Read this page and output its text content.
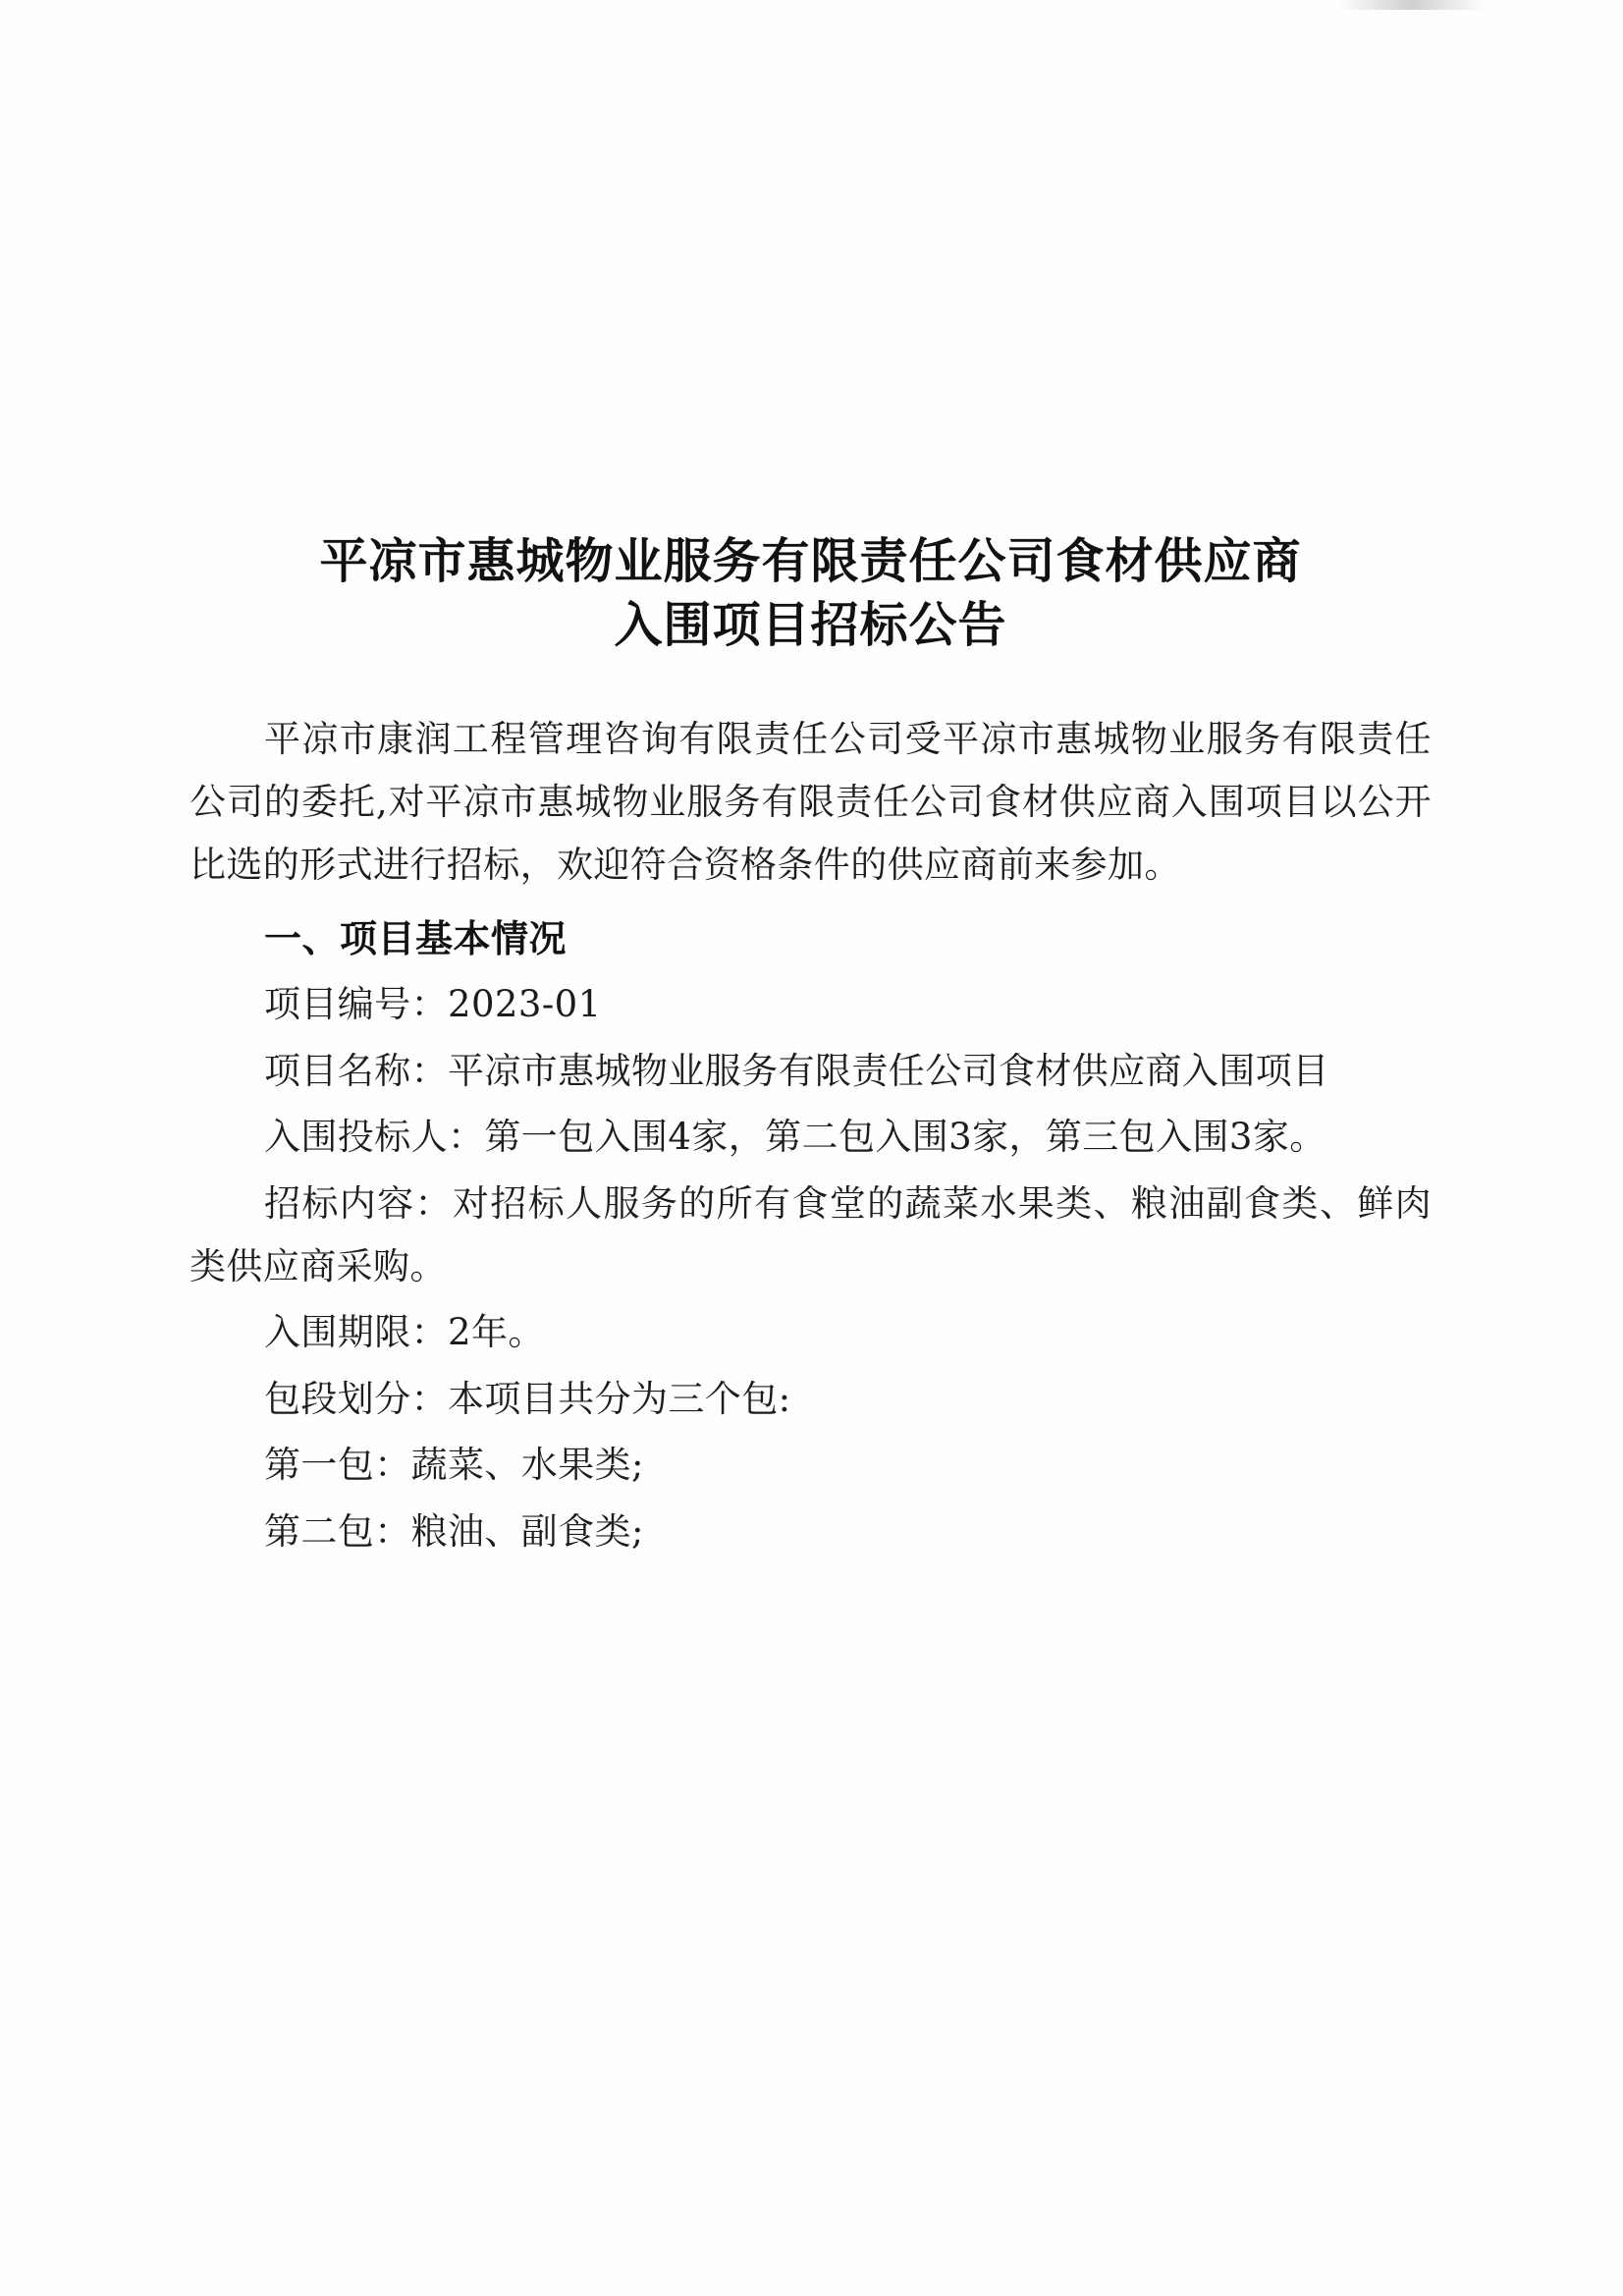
平凉市惠城物业服务有限责任公司食材供应商
入围项目招标公告

平凉市康润工程管理咨询有限责任公司受平凉市惠城物业服务有限责任公司的委托,对平凉市惠城物业服务有限责任公司食材供应商入围项目以公开比选的形式进行招标，欢迎符合资格条件的供应商前来参加。

一、项目基本情况

项目编号：2023-01

项目名称：平凉市惠城物业服务有限责任公司食材供应商入围项目

入围投标人：第一包入围4家，第二包入围3家，第三包入围3家。

招标内容：对招标人服务的所有食堂的蔬菜水果类、粮油副食类、鲜肉类供应商采购。

入围期限：2年。

包段划分：本项目共分为三个包:

第一包：蔬菜、水果类;

第二包：粮油、副食类;
